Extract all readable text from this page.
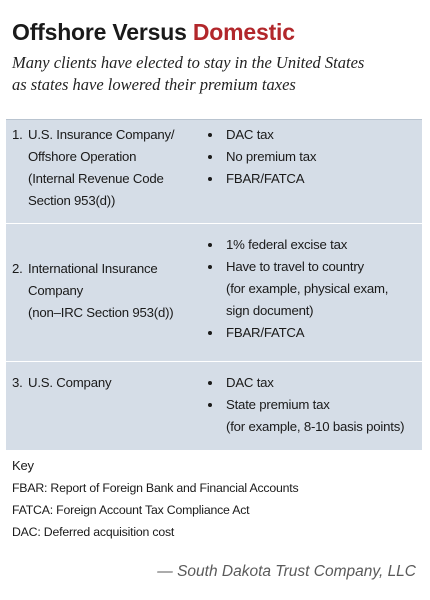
Offshore Versus Domestic
Many clients have elected to stay in the United States
as states have lowered their premium taxes
1. U.S. Insurance Company/
Offshore Operation
(Internal Revenue Code
Section 953(d))
DAC tax
No premium tax
FBAR/FATCA
2. International Insurance
Company
(non–IRC Section 953(d))
1% federal excise tax
Have to travel to country
(for example, physical exam,
sign document)
FBAR/FATCA
3. U.S. Company	DAC tax
State premium tax
(for example, 8-10 basis points)
Key
FBAR: Report of Foreign Bank and Financial Accounts
FATCA: Foreign Account Tax Compliance Act
DAC: Deferred acquisition cost
— South Dakota Trust Company, LLC
